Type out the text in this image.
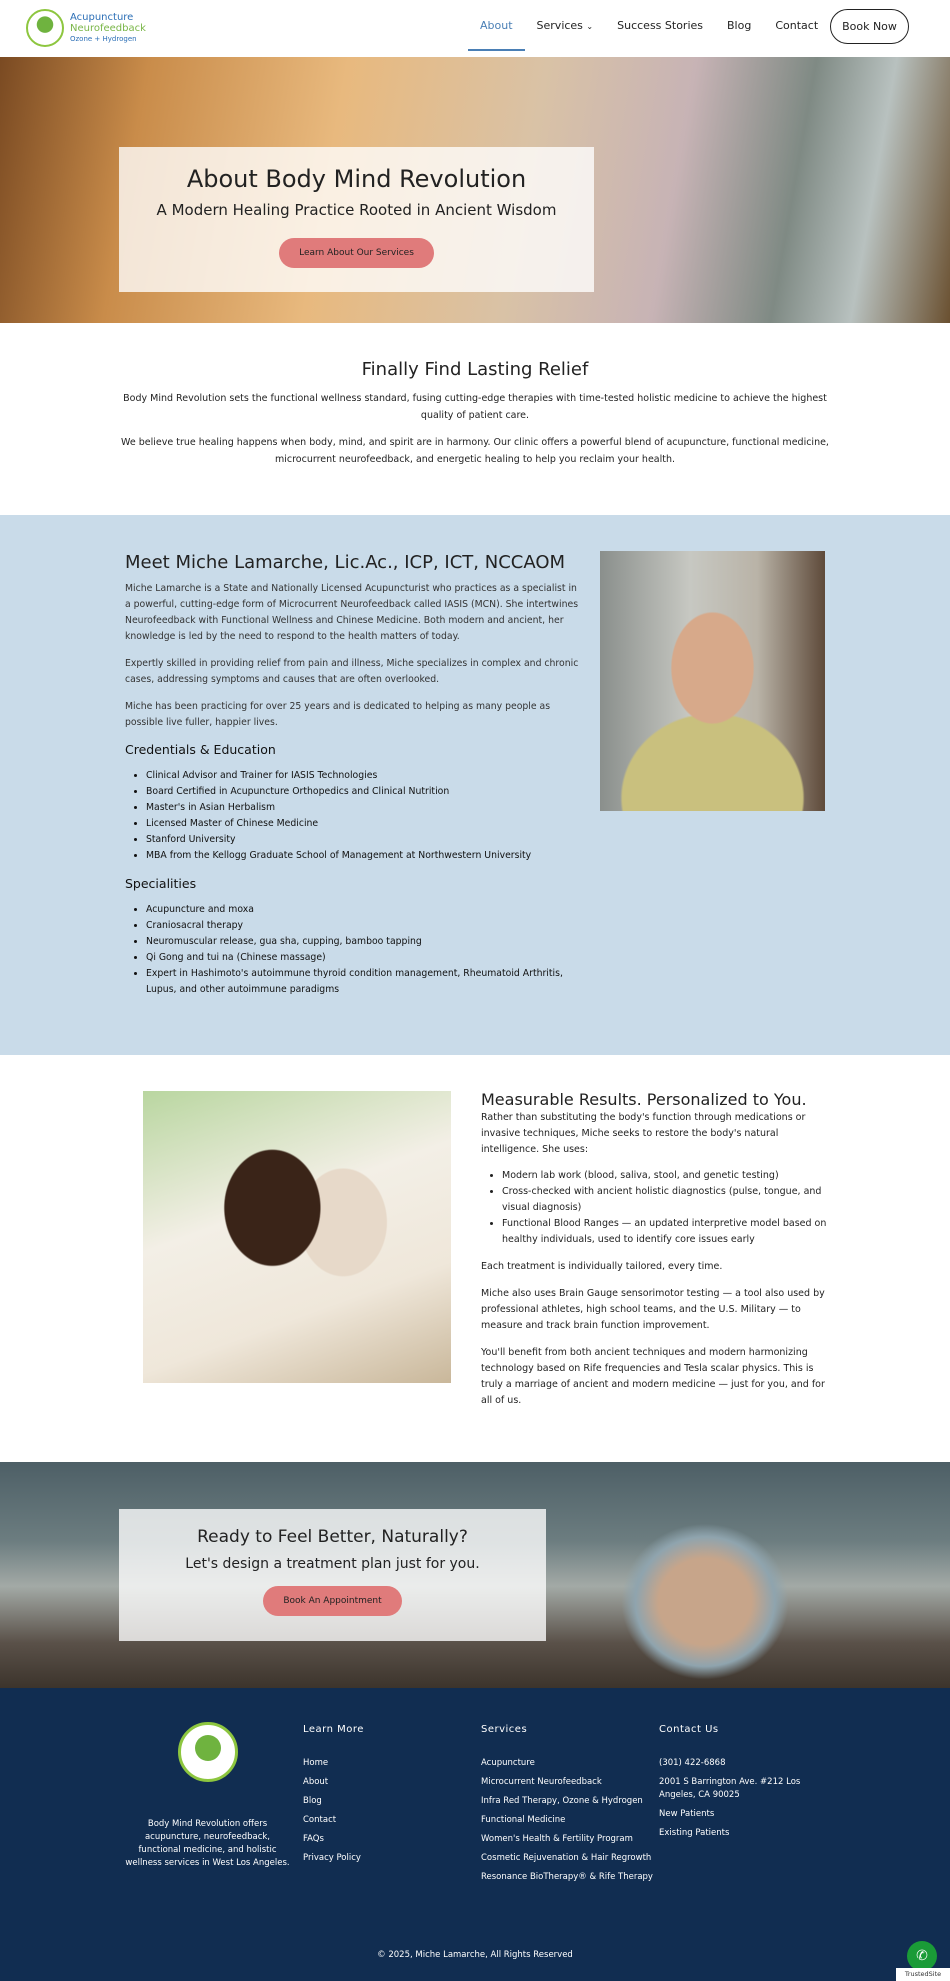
Acupuncture
Neurofeedback
Ozone + Hydrogen
About	Services ⌄	Success Stories	Blog	Contact	Book Now
About Body Mind Revolution
A Modern Healing Practice Rooted in Ancient Wisdom
Learn About Our Services
Finally Find Lasting Relief

Body Mind Revolution sets the functional wellness standard, fusing cutting-edge therapies with time-tested holistic medicine to achieve the highest quality of patient care.

We believe true healing happens when body, mind, and spirit are in harmony. Our clinic offers a powerful blend of acupuncture, functional medicine, microcurrent neurofeedback, and energetic healing to help you reclaim your health.

Meet Miche Lamarche, Lic.Ac., ICP, ICT, NCCAOM

Miche Lamarche is a State and Nationally Licensed Acupuncturist who practices as a specialist in a powerful, cutting-edge form of Microcurrent Neurofeedback called IASIS (MCN). She intertwines Neurofeedback with Functional Wellness and Chinese Medicine. Both modern and ancient, her knowledge is led by the need to respond to the health matters of today.

Expertly skilled in providing relief from pain and illness, Miche specializes in complex and chronic cases, addressing symptoms and causes that are often overlooked.

Miche has been practicing for over 25 years and is dedicated to helping as many people as possible live fuller, happier lives.

Credentials & Education
• Clinical Advisor and Trainer for IASIS Technologies
• Board Certified in Acupuncture Orthopedics and Clinical Nutrition
• Master's in Asian Herbalism
• Licensed Master of Chinese Medicine
• Stanford University
• MBA from the Kellogg Graduate School of Management at Northwestern University
Specialities
• Acupuncture and moxa
• Craniosacral therapy
• Neuromuscular release, gua sha, cupping, bamboo tapping
• Qi Gong and tui na (Chinese massage)
• Expert in Hashimoto's autoimmune thyroid condition management, Rheumatoid Arthritis, Lupus, and other autoimmune paradigms
Measurable Results. Personalized to You.

Rather than substituting the body's function through medications or invasive techniques, Miche seeks to restore the body's natural intelligence. She uses:

• Modern lab work (blood, saliva, stool, and genetic testing)
• Cross-checked with ancient holistic diagnostics (pulse, tongue, and visual diagnosis)
• Functional Blood Ranges — an updated interpretive model based on healthy individuals, used to identify core issues early

Each treatment is individually tailored, every time.

Miche also uses Brain Gauge sensorimotor testing — a tool also used by professional athletes, high school teams, and the U.S. Military — to measure and track brain function improvement.

You'll benefit from both ancient techniques and modern harmonizing technology based on Rife frequencies and Tesla scalar physics. This is truly a marriage of ancient and modern medicine — just for you, and for all of us.

Ready to Feel Better, Naturally?
Let's design a treatment plan just for you.
Book An Appointment
Body Mind Revolution offers acupuncture, neurofeedback, functional medicine, and holistic wellness services in West Los Angeles.
Learn More
Home
About
Blog
Contact
FAQs
Privacy Policy
Services
Acupuncture
Microcurrent Neurofeedback
Infra Red Therapy, Ozone & Hydrogen
Functional Medicine
Women's Health & Fertility Program
Cosmetic Rejuvenation & Hair Regrowth
Resonance BioTherapy® & Rife Therapy
Contact Us
(301) 422-6868
2001 S Barrington Ave. #212 Los Angeles, CA 90025
New Patients
Existing Patients
© 2025, Miche Lamarche, All Rights Reserved	✆
TrustedSite
